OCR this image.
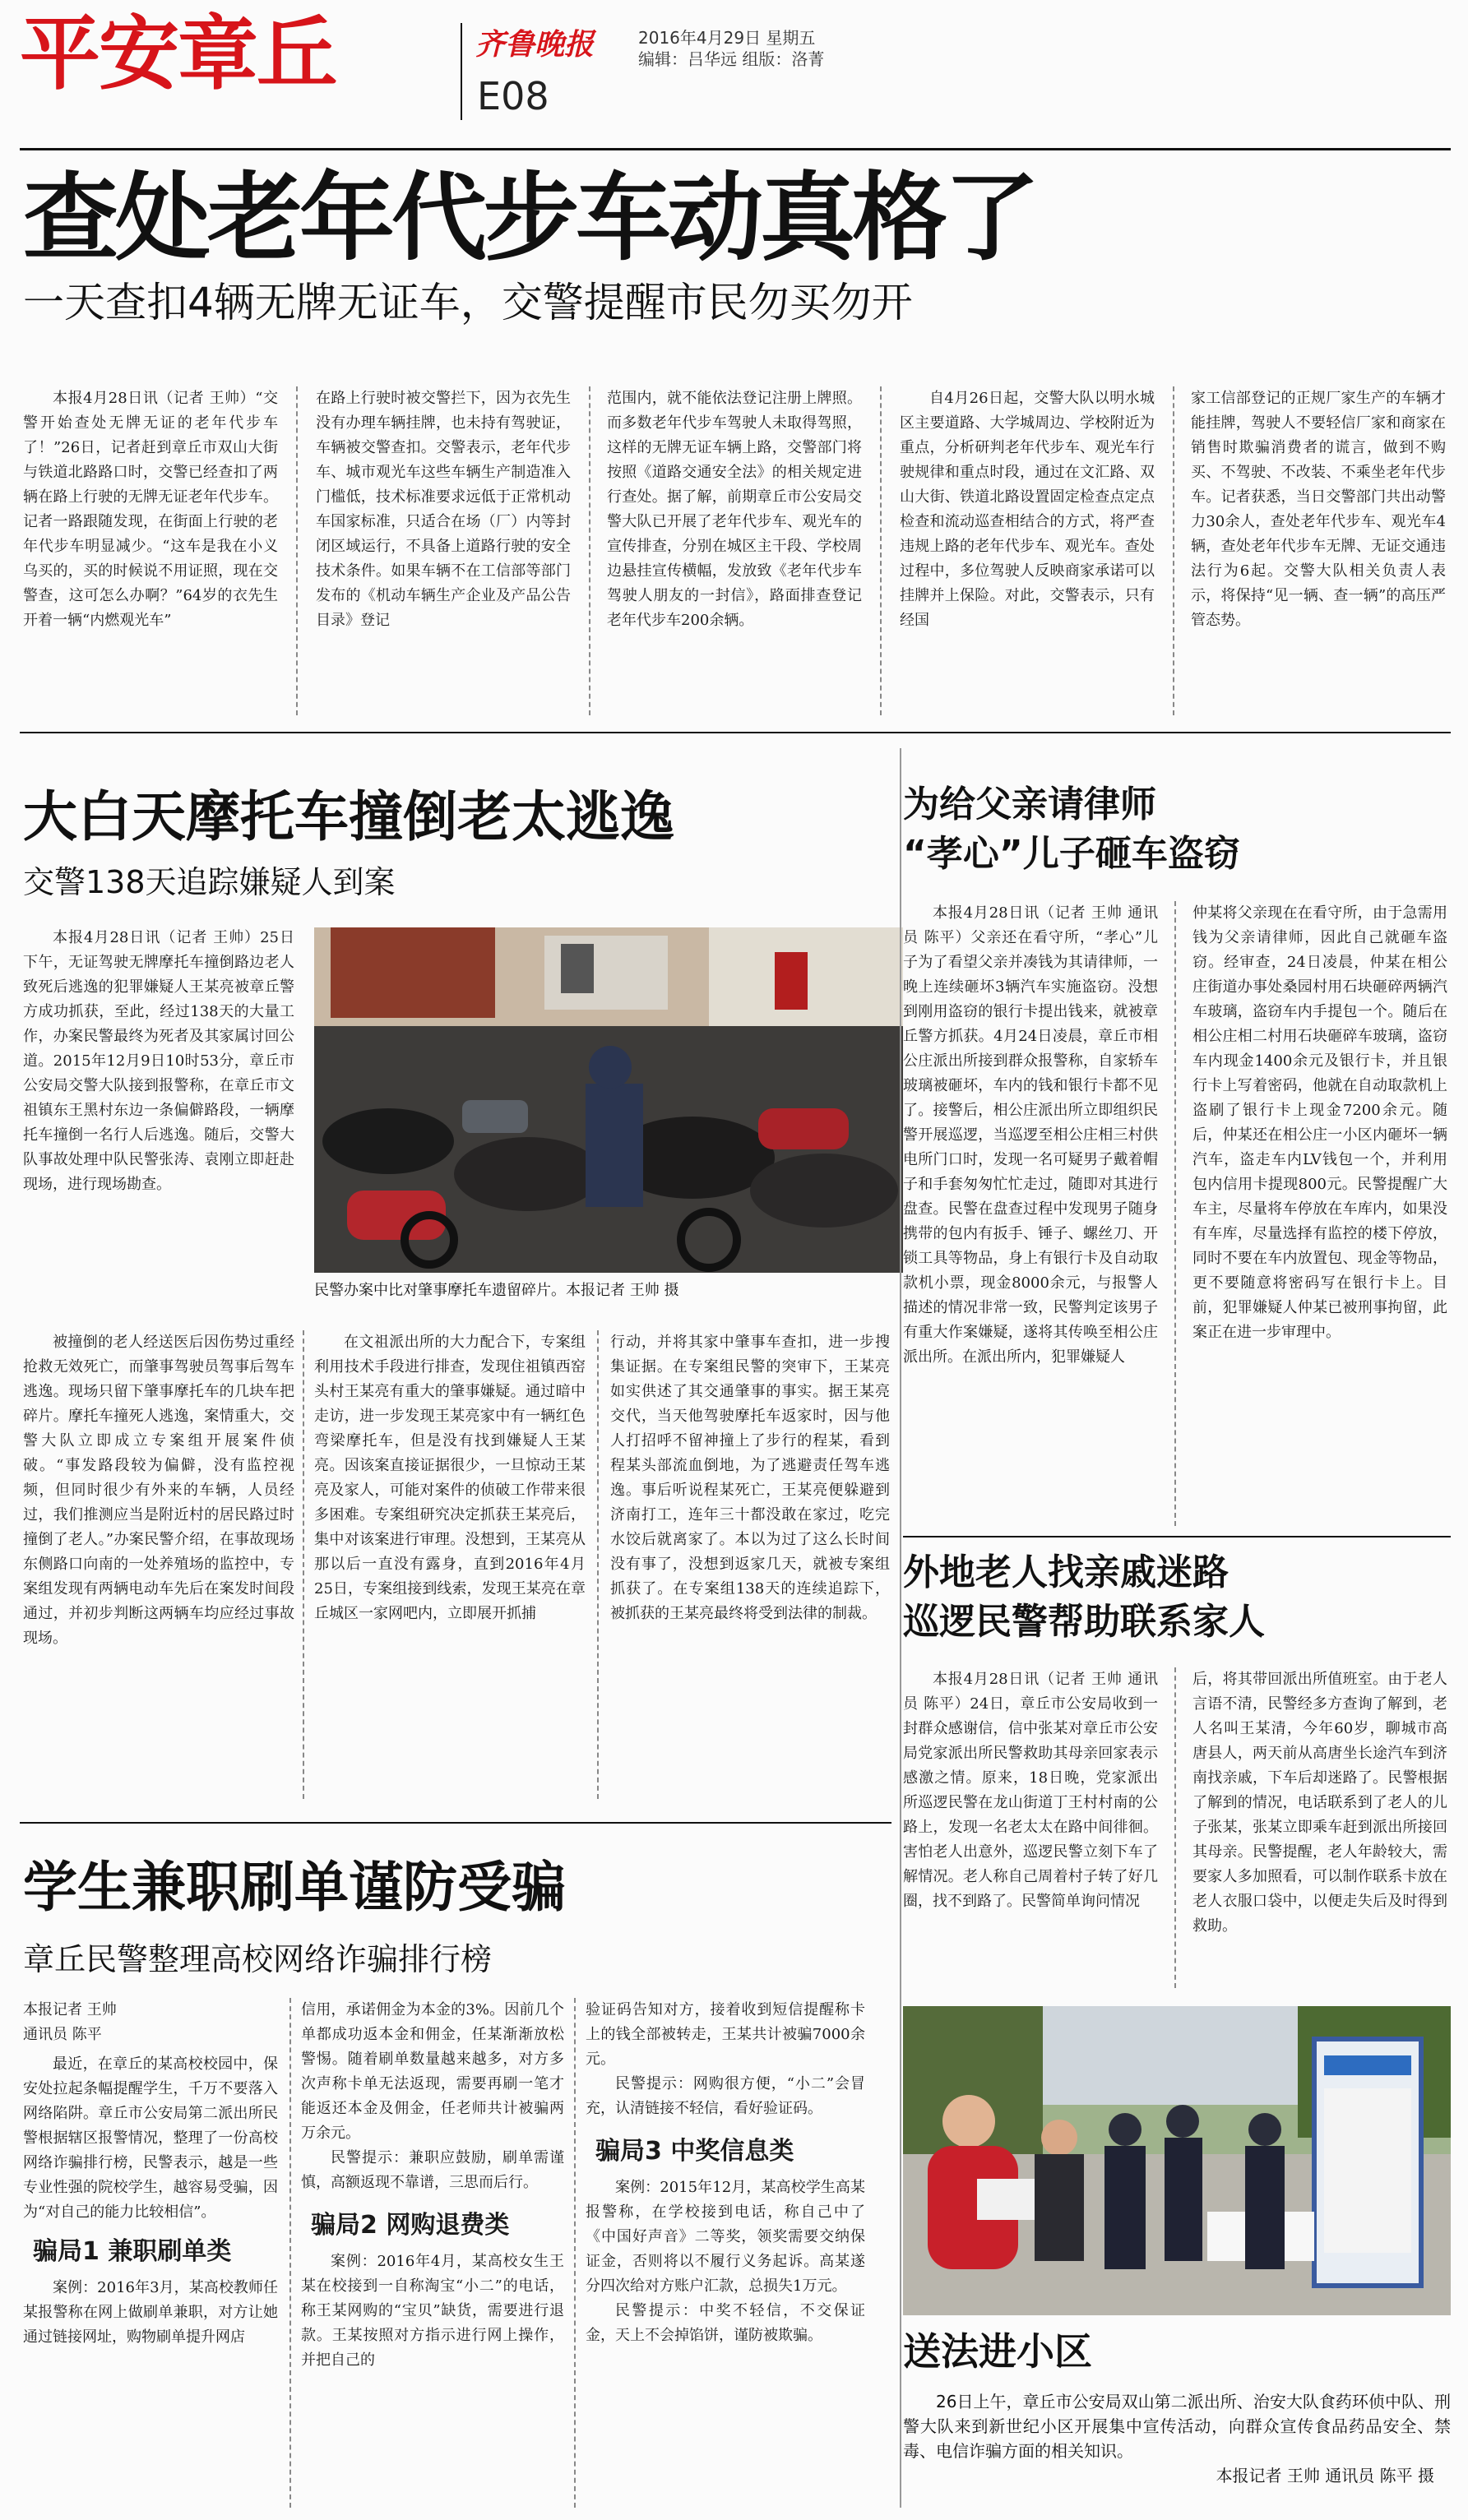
平安章丘	齐鲁晚报	2016年4月29日 星期五
编辑：吕华远 组版：洛菁
E08
查处老年代步车动真格了
一天查扣4辆无牌无证车，交警提醒市民勿买勿开

本报4月28日讯（记者 王帅）“交警开始查处无牌无证的老年代步车了！”26日，记者赶到章丘市双山大街与铁道北路路口时，交警已经查扣了两辆在路上行驶的无牌无证老年代步车。记者一路跟随发现，在街面上行驶的老年代步车明显减少。“这车是我在小义乌买的，买的时候说不用证照，现在交警查，这可怎么办啊？”64岁的衣先生开着一辆“内燃观光车”

在路上行驶时被交警拦下，因为衣先生没有办理车辆挂牌，也未持有驾驶证，车辆被交警查扣。交警表示，老年代步车、城市观光车这些车辆生产制造准入门槛低，技术标准要求远低于正常机动车国家标准，只适合在场（厂）内等封闭区域运行，不具备上道路行驶的安全技术条件。如果车辆不在工信部等部门发布的《机动车辆生产企业及产品公告目录》登记

范围内，就不能依法登记注册上牌照。而多数老年代步车驾驶人未取得驾照，这样的无牌无证车辆上路，交警部门将按照《道路交通安全法》的相关规定进行查处。据了解，前期章丘市公安局交警大队已开展了老年代步车、观光车的宣传排查，分别在城区主干段、学校周边悬挂宣传横幅，发放致《老年代步车驾驶人朋友的一封信》，路面排查登记老年代步车200余辆。

自4月26日起，交警大队以明水城区主要道路、大学城周边、学校附近为重点，分析研判老年代步车、观光车行驶规律和重点时段，通过在文汇路、双山大街、铁道北路设置固定检查点定点检查和流动巡查相结合的方式，将严查违规上路的老年代步车、观光车。查处过程中，多位驾驶人反映商家承诺可以挂牌并上保险。对此，交警表示，只有经国

家工信部登记的正规厂家生产的车辆才能挂牌，驾驶人不要轻信厂家和商家在销售时欺骗消费者的谎言，做到不购买、不驾驶、不改装、不乘坐老年代步车。记者获悉，当日交警部门共出动警力30余人，查处老年代步车、观光车4辆，查处老年代步车无牌、无证交通违法行为6起。交警大队相关负责人表示，将保持“见一辆、查一辆”的高压严管态势。

大白天摩托车撞倒老太逃逸
交警138天追踪嫌疑人到案

本报4月28日讯（记者 王帅）25日下午，无证驾驶无牌摩托车撞倒路边老人致死后逃逸的犯罪嫌疑人王某亮被章丘警方成功抓获，至此，经过138天的大量工作，办案民警最终为死者及其家属讨回公道。2015年12月9日10时53分，章丘市公安局交警大队接到报警称，在章丘市文祖镇东王黑村东边一条偏僻路段，一辆摩托车撞倒一名行人后逃逸。随后，交警大队事故处理中队民警张涛、袁刚立即赶赴现场，进行现场勘查。

民警办案中比对肇事摩托车遗留碎片。本报记者 王帅 摄

被撞倒的老人经送医后因伤势过重经抢救无效死亡，而肇事驾驶员驾事后驾车逃逸。现场只留下肇事摩托车的几块车把碎片。摩托车撞死人逃逸，案情重大，交警大队立即成立专案组开展案件侦破。“事发路段较为偏僻，没有监控视频，但同时很少有外来的车辆，人员经过，我们推测应当是附近村的居民路过时撞倒了老人。”办案民警介绍，在事故现场东侧路口向南的一处养殖场的监控中，专案组发现有两辆电动车先后在案发时间段通过，并初步判断这两辆车均应经过事故现场。

在文祖派出所的大力配合下，专案组利用技术手段进行排查，发现住祖镇西窑头村王某亮有重大的肇事嫌疑。通过暗中走访，进一步发现王某亮家中有一辆红色弯梁摩托车，但是没有找到嫌疑人王某亮。因该案直接证据很少，一旦惊动王某亮及家人，可能对案件的侦破工作带来很多困难。专案组研究决定抓获王某亮后，集中对该案进行审理。没想到，王某亮从那以后一直没有露身，直到2016年4月25日，专案组接到线索，发现王某亮在章丘城区一家网吧内，立即展开抓捕

行动，并将其家中肇事车查扣，进一步搜集证据。在专案组民警的突审下，王某亮如实供述了其交通肇事的事实。据王某亮交代，当天他驾驶摩托车返家时，因与他人打招呼不留神撞上了步行的程某，看到程某头部流血倒地，为了逃避责任驾车逃逸。事后听说程某死亡，王某亮便躲避到济南打工，连年三十都没敢在家过，吃完水饺后就离家了。本以为过了这么长时间没有事了，没想到返家几天，就被专案组抓获了。在专案组138天的连续追踪下，被抓获的王某亮最终将受到法律的制裁。

学生兼职刷单谨防受骗
章丘民警整理高校网络诈骗排行榜
本报记者 王帅
通讯员 陈平

最近，在章丘的某高校校园中，保安处拉起条幅提醒学生，千万不要落入网络陷阱。章丘市公安局第二派出所民警根据辖区报警情况，整理了一份高校网络诈骗排行榜，民警表示，越是一些专业性强的院校学生，越容易受骗，因为“对自己的能力比较相信”。

骗局1 兼职刷单类

案例：2016年3月，某高校教师任某报警称在网上做刷单兼职，对方让她通过链接网址，购物刷单提升网店

信用，承诺佣金为本金的3%。因前几个单都成功返本金和佣金，任某渐渐放松警惕。随着刷单数量越来越多，对方多次声称卡单无法返现，需要再刷一笔才能返还本金及佣金，任老师共计被骗两万余元。

民警提示：兼职应鼓励，刷单需谨慎，高额返现不靠谱，三思而后行。

骗局2 网购退费类

案例：2016年4月，某高校女生王某在校接到一自称淘宝“小二”的电话，称王某网购的“宝贝”缺货，需要进行退款。王某按照对方指示进行网上操作，并把自己的

验证码告知对方，接着收到短信提醒称卡上的钱全部被转走，王某共计被骗7000余元。

民警提示：网购很方便，“小二”会冒充，认清链接不轻信，看好验证码。

骗局3 中奖信息类

案例：2015年12月，某高校学生高某报警称，在学校接到电话，称自己中了《中国好声音》二等奖，领奖需要交纳保证金，否则将以不履行义务起诉。高某遂分四次给对方账户汇款，总损失1万元。

民警提示：中奖不轻信，不交保证金，天上不会掉馅饼，谨防被欺骗。

为给父亲请律师
“孝心”儿子砸车盗窃

本报4月28日讯（记者 王帅 通讯员 陈平）父亲还在看守所，“孝心”儿子为了看望父亲并凑钱为其请律师，一晚上连续砸坏3辆汽车实施盗窃。没想到刚用盗窃的银行卡提出钱来，就被章丘警方抓获。4月24日凌晨，章丘市相公庄派出所接到群众报警称，自家轿车玻璃被砸坏，车内的钱和银行卡都不见了。接警后，相公庄派出所立即组织民警开展巡逻，当巡逻至相公庄相三村供电所门口时，发现一名可疑男子戴着帽子和手套匆匆忙忙走过，随即对其进行盘查。民警在盘查过程中发现男子随身携带的包内有扳手、锤子、螺丝刀、开锁工具等物品，身上有银行卡及自动取款机小票，现金8000余元，与报警人描述的情况非常一致，民警判定该男子有重大作案嫌疑，遂将其传唤至相公庄派出所。在派出所内，犯罪嫌疑人

仲某将父亲现在在看守所，由于急需用钱为父亲请律师，因此自己就砸车盗窃。经审查，24日凌晨，仲某在相公庄街道办事处桑园村用石块砸碎两辆汽车玻璃，盗窃车内手提包一个。随后在相公庄相二村用石块砸碎车玻璃，盗窃车内现金1400余元及银行卡，并且银行卡上写着密码，他就在自动取款机上盗刷了银行卡上现金7200余元。随后，仲某还在相公庄一小区内砸坏一辆汽车，盗走车内LV钱包一个，并利用包内信用卡提现800元。民警提醒广大车主，尽量将车停放在车库内，如果没有车库，尽量选择有监控的楼下停放，同时不要在车内放置包、现金等物品，更不要随意将密码写在银行卡上。目前，犯罪嫌疑人仲某已被刑事拘留，此案正在进一步审理中。

外地老人找亲戚迷路
巡逻民警帮助联系家人

本报4月28日讯（记者 王帅 通讯员 陈平）24日，章丘市公安局收到一封群众感谢信，信中张某对章丘市公安局党家派出所民警救助其母亲回家表示感激之情。原来，18日晚，党家派出所巡逻民警在龙山街道丁王村村南的公路上，发现一名老太太在路中间徘徊。害怕老人出意外，巡逻民警立刻下车了解情况。老人称自己周着村子转了好几圈，找不到路了。民警简单询问情况

后，将其带回派出所值班室。由于老人言语不清，民警经多方查询了解到，老人名叫王某清，今年60岁，聊城市高唐县人，两天前从高唐坐长途汽车到济南找亲戚，下车后却迷路了。民警根据了解到的情况，电话联系到了老人的儿子张某，张某立即乘车赶到派出所接回其母亲。民警提醒，老人年龄较大，需要家人多加照看，可以制作联系卡放在老人衣服口袋中，以便走失后及时得到救助。

送法进小区
26日上午，章丘市公安局双山第二派出所、治安大队食药环侦中队、刑警大队来到新世纪小区开展集中宣传活动，向群众宣传食品药品安全、禁毒、电信诈骗方面的相关知识。
本报记者 王帅 通讯员 陈平 摄
